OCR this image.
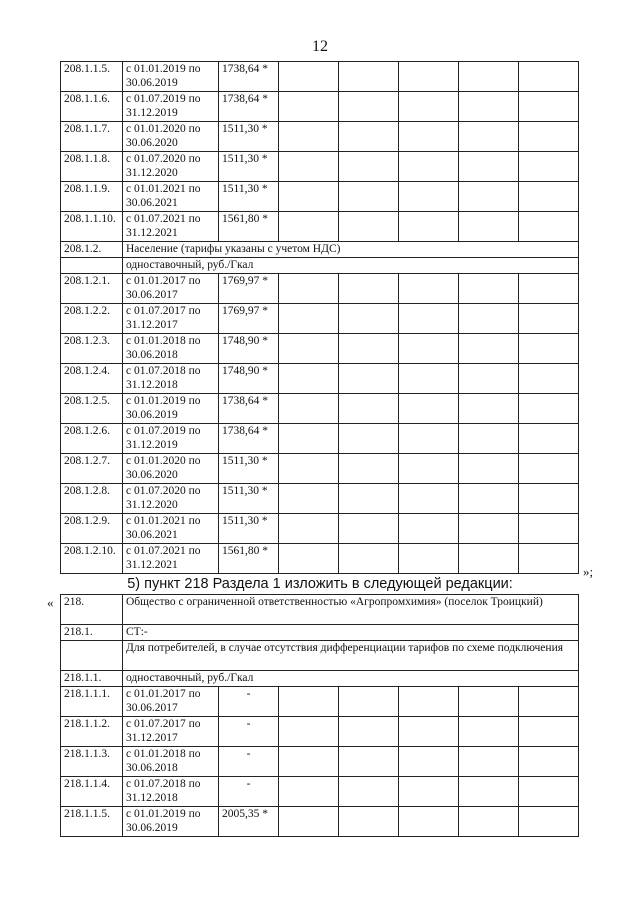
12
208.1.1.5.	с 01.01.2019 по 30.06.2019	1738,64 *					
208.1.1.6.	с 01.07.2019 по 31.12.2019	1738,64 *					
208.1.1.7.	с 01.01.2020 по 30.06.2020	1511,30 *					
208.1.1.8.	с 01.07.2020 по 31.12.2020	1511,30 *					
208.1.1.9.	с 01.01.2021 по 30.06.2021	1511,30 *					
208.1.1.10.	с 01.07.2021 по 31.12.2021	1561,80 *					
208.1.2.	Население (тарифы указаны с учетом НДС)						
	одноставочный, руб./Гкал						
208.1.2.1.	с 01.01.2017 по 30.06.2017	1769,97 *					
208.1.2.2.	с 01.07.2017 по 31.12.2017	1769,97 *					
208.1.2.3.	с 01.01.2018 по 30.06.2018	1748,90 *					
208.1.2.4.	с 01.07.2018 по 31.12.2018	1748,90 *					
208.1.2.5.	с 01.01.2019 по 30.06.2019	1738,64 *					
208.1.2.6.	с 01.07.2019 по 31.12.2019	1738,64 *					
208.1.2.7.	с 01.01.2020 по 30.06.2020	1511,30 *					
208.1.2.8.	с 01.07.2020 по 31.12.2020	1511,30 *					
208.1.2.9.	с 01.01.2021 по 30.06.2021	1511,30 *					
208.1.2.10.	с 01.07.2021 по 31.12.2021	1561,80 *					
»;
5) пункт 218 Раздела 1 изложить в следующей редакции:
« 218.	Общество с ограниченной ответственностью «Агропромхимия» (поселок Троицкий)						
218.1.	СТ:-						
	Для потребителей, в случае отсутствия дифференциации тарифов по схеме подключения						
218.1.1.	одноставочный, руб./Гкал						
218.1.1.1.	с 01.01.2017 по 30.06.2017	-					
218.1.1.2.	с 01.07.2017 по 31.12.2017	-					
218.1.1.3.	с 01.01.2018 по 30.06.2018	-					
218.1.1.4.	с 01.07.2018 по 31.12.2018	-					
218.1.1.5.	с 01.01.2019 по 30.06.2019	2005,35 *					
